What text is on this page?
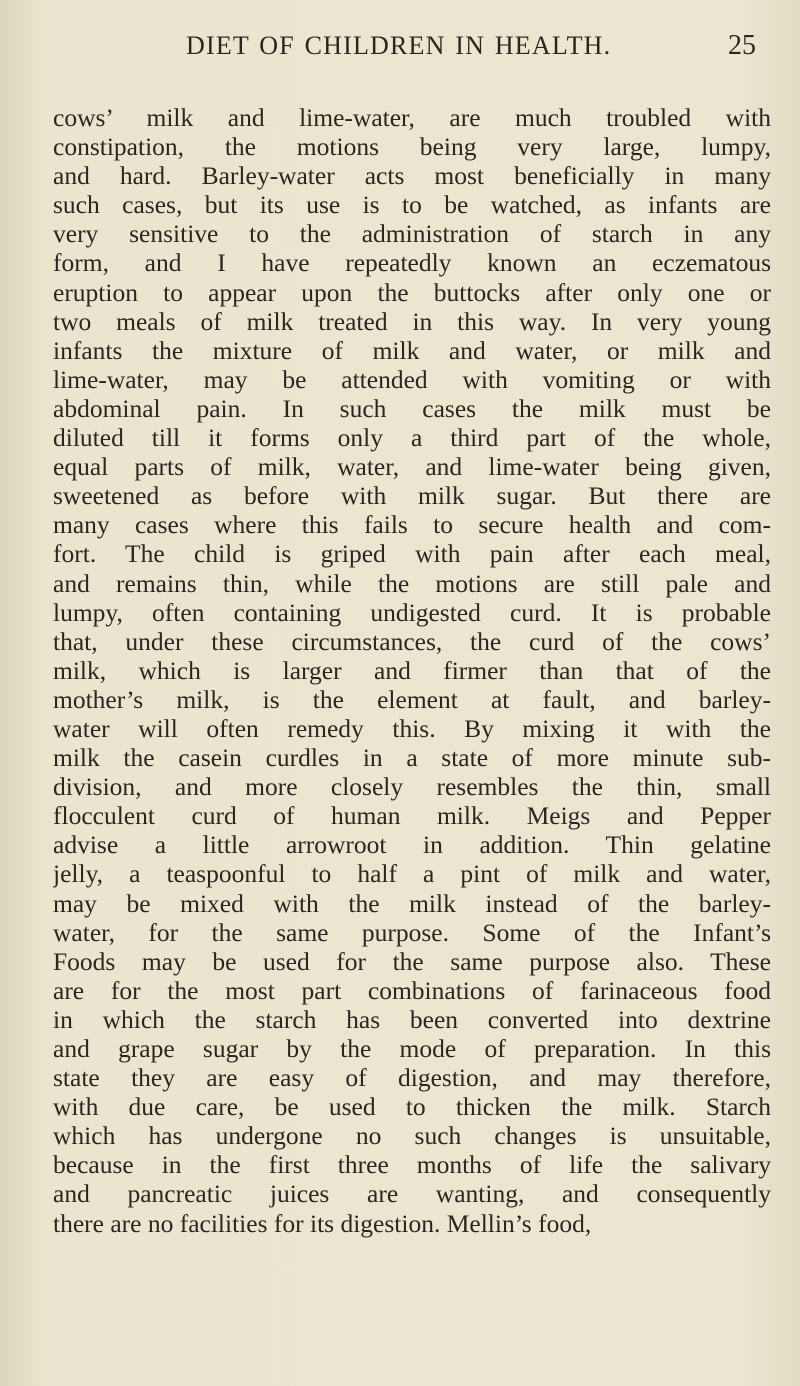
DIET OF CHILDREN IN HEALTH.	25
cows’ milk and lime-water, are much troubled with
constipation, the motions being very large, lumpy,
and hard. Barley-water acts most beneficially in many
such cases, but its use is to be watched, as infants are
very sensitive to the administration of starch in any
form, and I have repeatedly known an eczematous
eruption to appear upon the buttocks after only one or
two meals of milk treated in this way. In very young
infants the mixture of milk and water, or milk and
lime-water, may be attended with vomiting or with
abdominal pain. In such cases the milk must be
diluted till it forms only a third part of the whole,
equal parts of milk, water, and lime-water being given,
sweetened as before with milk sugar. But there are
many cases where this fails to secure health and com-
fort. The child is griped with pain after each meal,
and remains thin, while the motions are still pale and
lumpy, often containing undigested curd. It is probable
that, under these circumstances, the curd of the cows’
milk, which is larger and firmer than that of the
mother’s milk, is the element at fault, and barley-
water will often remedy this. By mixing it with the
milk the casein curdles in a state of more minute sub-
division, and more closely resembles the thin, small
flocculent curd of human milk. Meigs and Pepper
advise a little arrowroot in addition. Thin gelatine
jelly, a teaspoonful to half a pint of milk and water,
may be mixed with the milk instead of the barley-
water, for the same purpose. Some of the Infant’s
Foods may be used for the same purpose also. These
are for the most part combinations of farinaceous food
in which the starch has been converted into dextrine
and grape sugar by the mode of preparation. In this
state they are easy of digestion, and may therefore,
with due care, be used to thicken the milk. Starch
which has undergone no such changes is unsuitable,
because in the first three months of life the salivary
and pancreatic juices are wanting, and consequently
there are no facilities for its digestion. Mellin’s food,
